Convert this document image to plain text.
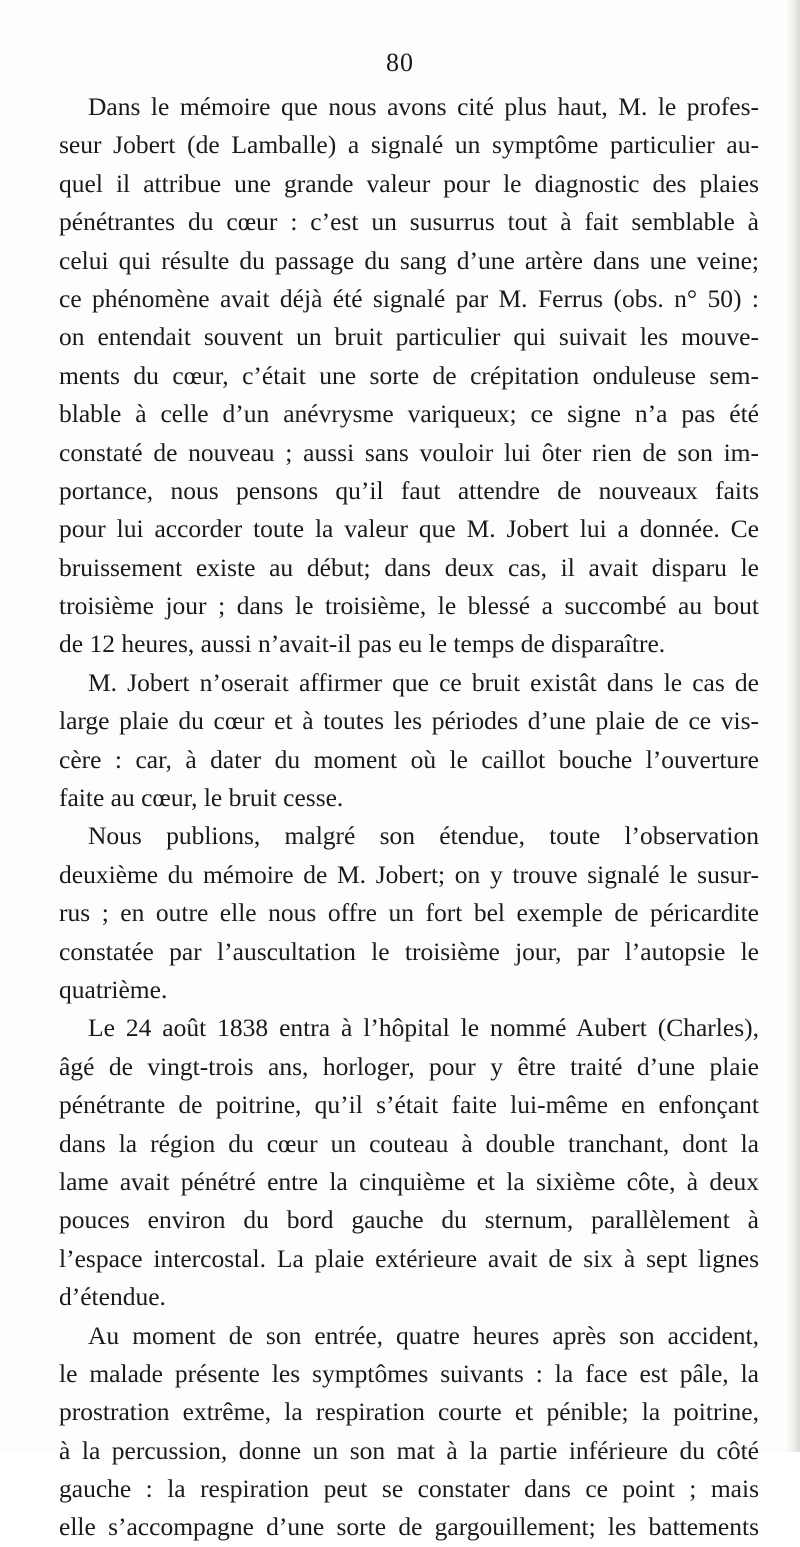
80
Dans le mémoire que nous avons cité plus haut, M. le profes-
seur Jobert (de Lamballe) a signalé un symptôme particulier au-
quel il attribue une grande valeur pour le diagnostic des plaies
pénétrantes du cœur : c’est un susurrus tout à fait semblable à
celui qui résulte du passage du sang d’une artère dans une veine;
ce phénomène avait déjà été signalé par M. Ferrus (obs. n° 50) :
on entendait souvent un bruit particulier qui suivait les mouve-
ments du cœur, c’était une sorte de crépitation onduleuse sem-
blable à celle d’un anévrysme variqueux; ce signe n’a pas été
constaté de nouveau ; aussi sans vouloir lui ôter rien de son im-
portance, nous pensons qu’il faut attendre de nouveaux faits
pour lui accorder toute la valeur que M. Jobert lui a donnée. Ce
bruissement existe au début; dans deux cas, il avait disparu le
troisième jour ; dans le troisième, le blessé a succombé au bout
de 12 heures, aussi n’avait-il pas eu le temps de disparaître.
M. Jobert n’oserait affirmer que ce bruit existât dans le cas de
large plaie du cœur et à toutes les périodes d’une plaie de ce vis-
cère : car, à dater du moment où le caillot bouche l’ouverture
faite au cœur, le bruit cesse.
Nous publions, malgré son étendue, toute l’observation
deuxième du mémoire de M. Jobert; on y trouve signalé le susur-
rus ; en outre elle nous offre un fort bel exemple de péricardite
constatée par l’auscultation le troisième jour, par l’autopsie le
quatrième.
Le 24 août 1838 entra à l’hôpital le nommé Aubert (Charles),
âgé de vingt-trois ans, horloger, pour y être traité d’une plaie
pénétrante de poitrine, qu’il s’était faite lui-même en enfonçant
dans la région du cœur un couteau à double tranchant, dont la
lame avait pénétré entre la cinquième et la sixième côte, à deux
pouces environ du bord gauche du sternum, parallèlement à
l’espace intercostal. La plaie extérieure avait de six à sept lignes
d’étendue.
Au moment de son entrée, quatre heures après son accident,
le malade présente les symptômes suivants : la face est pâle, la
prostration extrême, la respiration courte et pénible; la poitrine,
à la percussion, donne un son mat à la partie inférieure du côté
gauche : la respiration peut se constater dans ce point ; mais
elle s’accompagne d’une sorte de gargouillement; les battements
